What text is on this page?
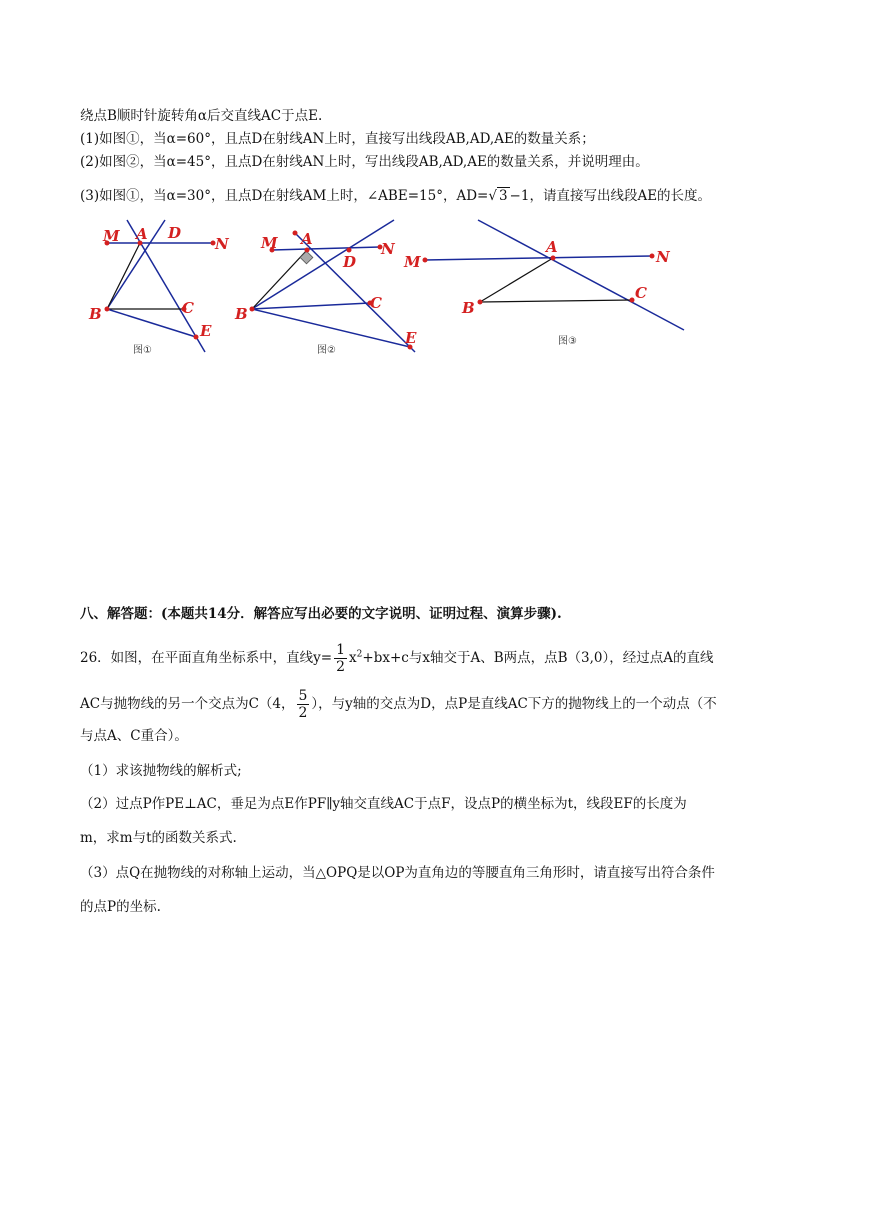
绕点B顺时针旋转角α后交直线AC于点E.
(1)如图①，当α=60°，且点D在射线AN上时，直接写出线段AB,AD,AE的数量关系；
(2)如图②，当α=45°，且点D在射线AN上时，写出线段AB,AD,AE的数量关系，并说明理由。
(3)如图①，当α=30°，且点D在射线AM上时，∠ABE=15°，AD=√ 3 −1，请直接写出线段AE的长度。
M A D
N
B	C
E
图①
M A
D
N
B
C
E
图②
M
A
N
B
C
图③
八、解答题：(本题共14分．解答应写出必要的文字说明、证明过程、演算步骤).
26．如图，在平面直角坐标系中，直线$y= \frac{1}{2} x^2+bx+c$与x轴交于A、B两点，点B（3,0），经过点A的直线
AC与抛物线的另一个交点为C（4， $\frac{5}{2}$ ），与y轴的交点为D，点P是直线AC下方的抛物线上的一个动点（不
与点A、C重合）。
（1）求该抛物线的解析式;
（2）过点P作PE⊥AC，垂足为点E作PF∥y轴交直线AC于点F，设点P的横坐标为t，线段EF的长度为
m，求m与t的函数关系式.
（3）点Q在抛物线的对称轴上运动，当△OPQ是以OP为直角边的等腰直角三角形时，请直接写出符合条件
的点P的坐标.
